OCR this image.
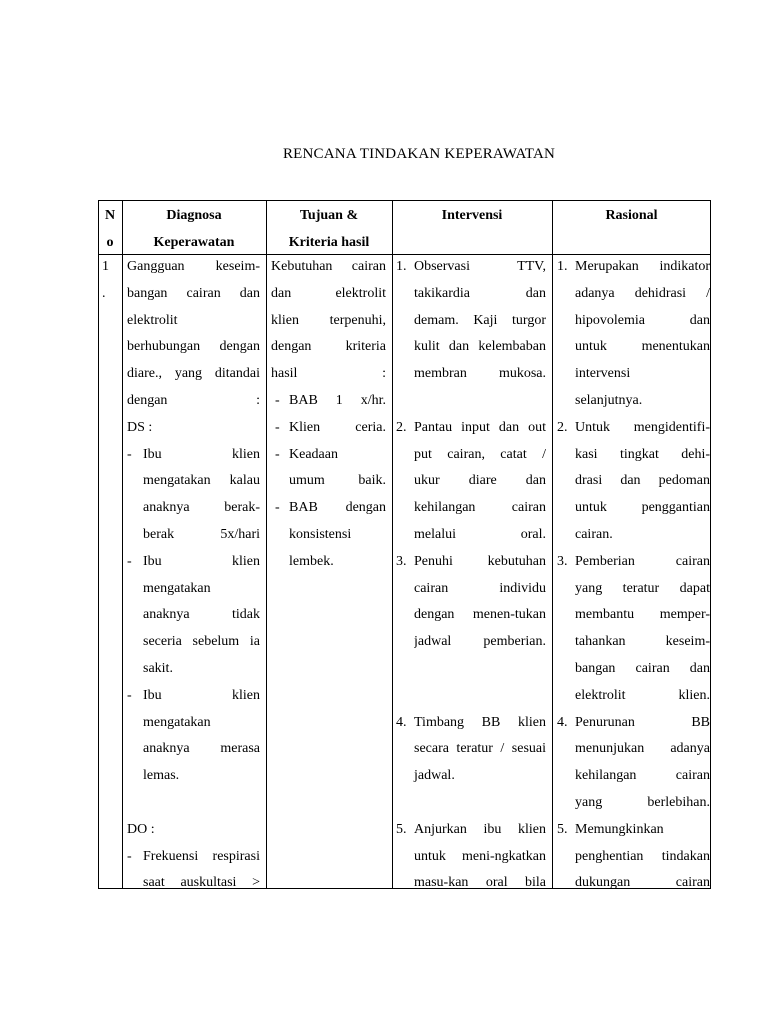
RENCANA TINDAKAN KEPERAWATAN
N
o
Diagnosa
Keperawatan
Tujuan &
Kriteria hasil
Intervensi	Rasional
1
.
Gangguan keseim-
bangan cairan dan
elektrolit
berhubungan dengan
diare., yang ditandai
dengan :
DS :
- Ibu klien
mengatakan kalau
anaknya berak-
berak 5x/hari
- Ibu klien
mengatakan
anaknya tidak
seceria sebelum ia
sakit.
- Ibu klien
mengatakan
anaknya merasa
lemas.
DO :
- Frekuensi respirasi
saat auskultasi >
Kebutuhan cairan
dan elektrolit
klien terpenuhi,
dengan kriteria
hasil :
- BAB 1 x/hr.
- Klien ceria.
- Keadaan
umum baik.
- BAB dengan
konsistensi
lembek.
1. Observasi TTV,
takikardia dan
demam. Kaji turgor
kulit dan kelembaban
membran mukosa.
2. Pantau input dan out
put cairan, catat /
ukur diare dan
kehilangan cairan
melalui oral.
3. Penuhi kebutuhan
cairan individu
dengan menen-tukan
jadwal pemberian.
4. Timbang BB klien
secara teratur / sesuai
jadwal.
5. Anjurkan ibu klien
untuk meni-ngkatkan
masu-kan oral bila
1. Merupakan indikator
adanya dehidrasi /
hipovolemia dan
untuk menentukan
intervensi
selanjutnya.
2. Untuk mengidentifi-
kasi tingkat dehi-
drasi dan pedoman
untuk penggantian
cairan.
3. Pemberian cairan
yang teratur dapat
membantu memper-
tahankan keseim-
bangan cairan dan
elektrolit klien.
4. Penurunan BB
menunjukan adanya
kehilangan cairan
yang berlebihan.
5. Memungkinkan
penghentian tindakan
dukungan cairan
